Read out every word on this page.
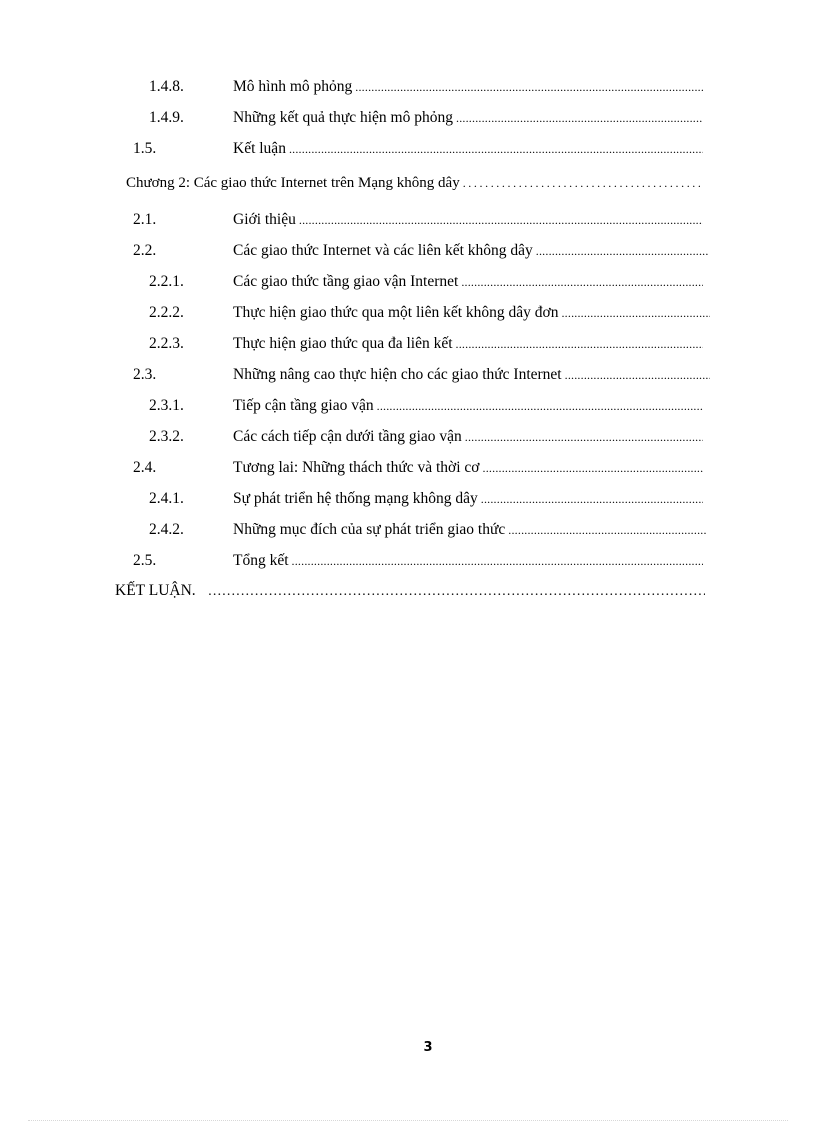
1.4.8.	Mô hình mô phỏng
.....
1.4.9.	Những kết quả thực hiện mô phỏng
.....
1.5.	Kết luận
.....
Chương 2: Các giao thức Internet trên Mạng không dây
.....
2.1.	Giới thiệu
.....
2.2.	Các giao thức Internet và các liên kết không dây
.....
2.2.1.	Các giao thức tầng giao vận Internet
.....
2.2.2.	Thực hiện giao thức qua một liên kết không dây đơn
.....
2.2.3.	Thực hiện giao thức qua đa liên kết
.....
2.3.	Những nâng cao thực hiện cho các giao thức Internet
.....
2.3.1.	Tiếp cận tầng giao vận
.....
2.3.2.	Các cách tiếp cận dưới tầng giao vận
.....
2.4.	Tương lai: Những thách thức và thời cơ
.....
2.4.1.	Sự phát triển hệ thống mạng không dây
.....
2.4.2.	Những mục đích của sự phát triển giao thức
.....
2.5.	Tổng kết
.....
KẾT LUẬN.
……………………………………………………………………………………………………………………………………………………………………
3
